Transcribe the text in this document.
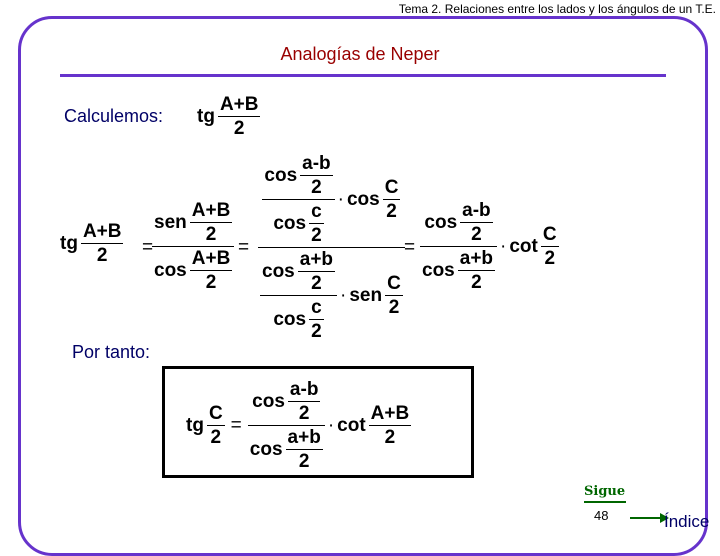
Tema 2. Relaciones entre los lados y los ángulos de un T.E.
Analogías de Neper
Calculemos: tg $\frac{A+B}{2}$
tg $\frac{A+B}{2}$ =
$\frac{sen \frac{A+B}{2}}{\cos \frac{A+B}{2}} = \frac{\frac{\cos \frac{a-b}{2}}{\cos \frac{c}{2}} \cdot \cos \frac{C}{2}}{\frac{\cos \frac{a+b}{2}}{\cos \frac{c}{2}} \cdot sen \frac{C}{2}} = \frac{\cos \frac{a-b}{2}}{\cos \frac{a+b}{2}} \cdot \cot \frac{C}{2}$
Por tanto:
tg $\frac{C}{2} = \frac{\cos \frac{a-b}{2}}{\cos \frac{a+b}{2}} \cdot \cot \frac{A+B}{2}$
Sigue
48	Índice
